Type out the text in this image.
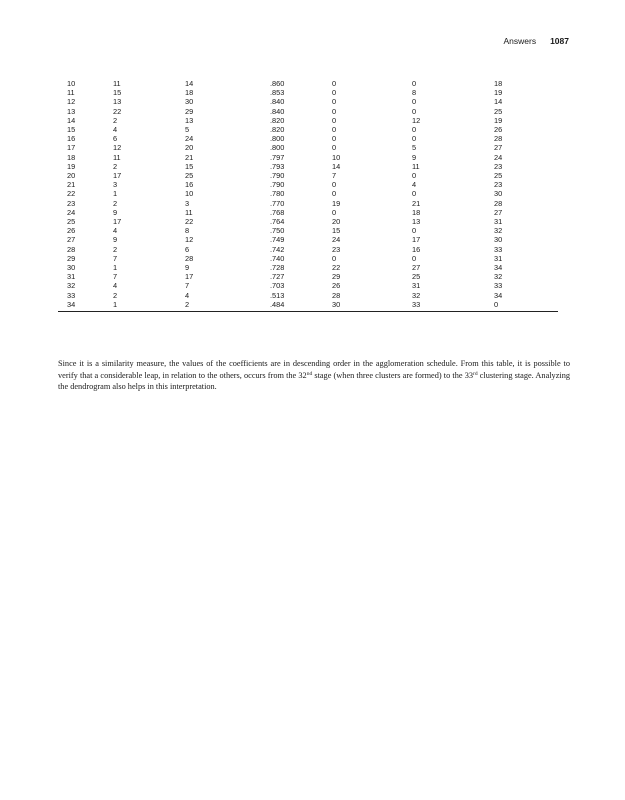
Answers 1087
10	11	14	.860	0	0	18
11	15	18	.853	0	8	19
12	13	30	.840	0	0	14
13	22	29	.840	0	0	25
14	2	13	.820	0	12	19
15	4	5	.820	0	0	26
16	6	24	.800	0	0	28
17	12	20	.800	0	5	27
18	11	21	.797	10	9	24
19	2	15	.793	14	11	23
20	17	25	.790	7	0	25
21	3	16	.790	0	4	23
22	1	10	.780	0	0	30
23	2	3	.770	19	21	28
24	9	11	.768	0	18	27
25	17	22	.764	20	13	31
26	4	8	.750	15	0	32
27	9	12	.749	24	17	30
28	2	6	.742	23	16	33
29	7	28	.740	0	0	31
30	1	9	.728	22	27	34
31	7	17	.727	29	25	32
32	4	7	.703	26	31	33
33	2	4	.513	28	32	34
34	1	2	.484	30	33	0

Since it is a similarity measure, the values of the coefficients are in descending order in the agglomeration schedule. From this table, it is possible to verify that a considerable leap, in relation to the others, occurs from the 32nd stage (when three clusters are formed) to the 33rd clustering stage. Analyzing the dendrogram also helps in this interpretation.
